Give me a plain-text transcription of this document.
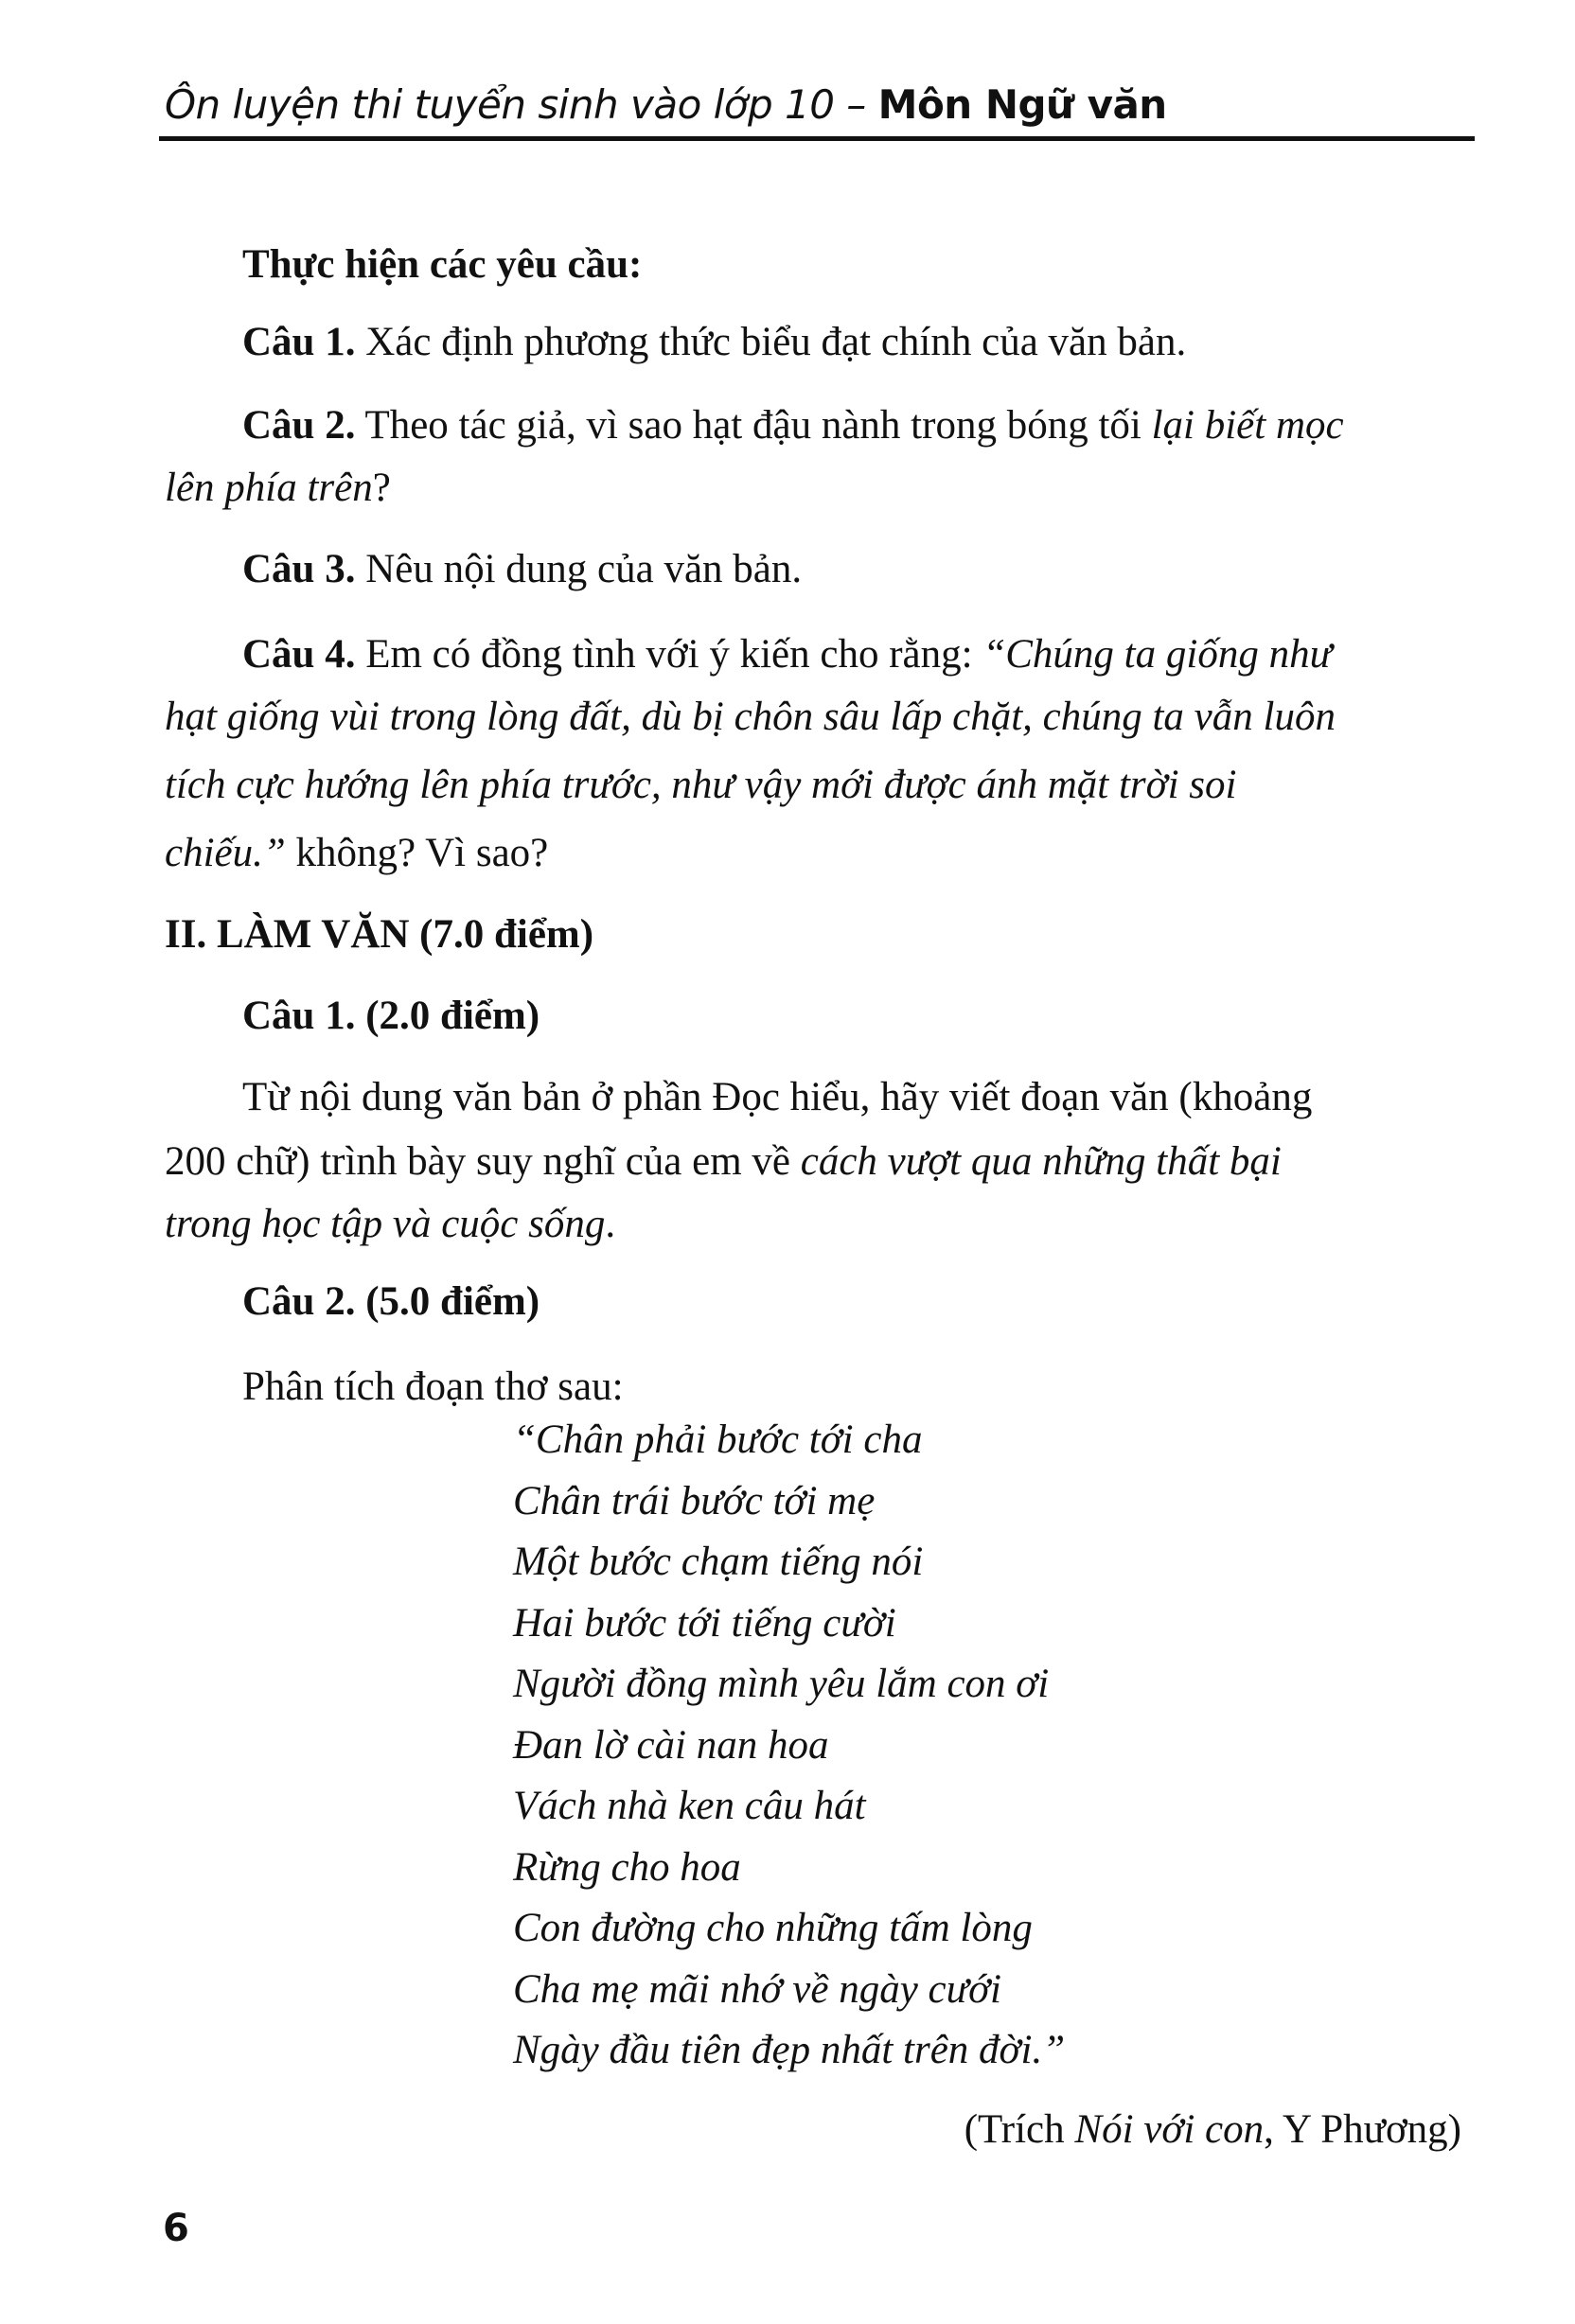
Ôn luyện thi tuyển sinh vào lớp 10 – Môn Ngữ văn
Thực hiện các yêu cầu:
Câu 1. Xác định phương thức biểu đạt chính của văn bản.
Câu 2. Theo tác giả, vì sao hạt đậu nành trong bóng tối lại biết mọc
lên phía trên?
Câu 3. Nêu nội dung của văn bản.
Câu 4. Em có đồng tình với ý kiến cho rằng: “Chúng ta giống như
hạt giống vùi trong lòng đất, dù bị chôn sâu lấp chặt, chúng ta vẫn luôn
tích cực hướng lên phía trước, như vậy mới được ánh mặt trời soi
chiếu.” không? Vì sao?
II. LÀM VĂN (7.0 điểm)
Câu 1. (2.0 điểm)
Từ nội dung văn bản ở phần Đọc hiểu, hãy viết đoạn văn (khoảng
200 chữ) trình bày suy nghĩ của em về cách vượt qua những thất bại
trong học tập và cuộc sống.
Câu 2. (5.0 điểm)
Phân tích đoạn thơ sau:
“Chân phải bước tới cha
Chân trái bước tới mẹ
Một bước chạm tiếng nói
Hai bước tới tiếng cười
Người đồng mình yêu lắm con ơi
Đan lờ cài nan hoa
Vách nhà ken câu hát
Rừng cho hoa
Con đường cho những tấm lòng
Cha mẹ mãi nhớ về ngày cưới
Ngày đầu tiên đẹp nhất trên đời.”
(Trích Nói với con, Y Phương)
6
